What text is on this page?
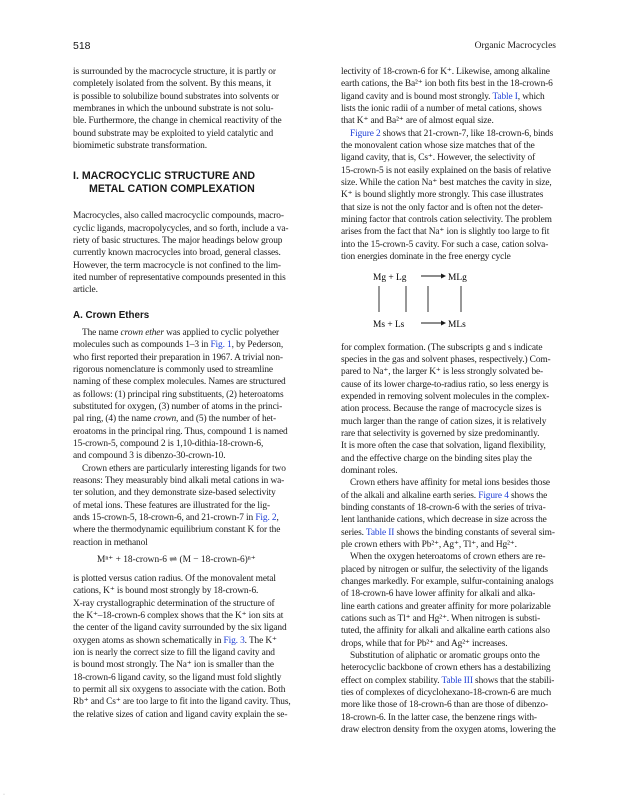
518	Organic Macrocycles
is surrounded by the macrocycle structure, it is partly or
completely isolated from the solvent. By this means, it
is possible to solubilize bound substrates into solvents or
membranes in which the unbound substrate is not solu-
ble. Furthermore, the change in chemical reactivity of the
bound substrate may be exploited to yield catalytic and
biomimetic substrate transformation.
I. MACROCYCLIC STRUCTURE AND
METAL CATION COMPLEXATION
Macrocycles, also called macrocyclic compounds, macro-
cyclic ligands, macropolycycles, and so forth, include a va-
riety of basic structures. The major headings below group
currently known macrocycles into broad, general classes.
However, the term macrocycle is not confined to the lim-
ited number of representative compounds presented in this
article.
A. Crown Ethers
The name crown ether was applied to cyclic polyether
molecules such as compounds 1–3 in Fig. 1, by Pederson,
who first reported their preparation in 1967. A trivial non-
rigorous nomenclature is commonly used to streamline
naming of these complex molecules. Names are structured
as follows: (1) principal ring substituents, (2) heteroatoms
substituted for oxygen, (3) number of atoms in the princi-
pal ring, (4) the name crown, and (5) the number of het-
eroatoms in the principal ring. Thus, compound 1 is named
15-crown-5, compound 2 is 1,10-dithia-18-crown-6,
and compound 3 is dibenzo-30-crown-10.
Crown ethers are particularly interesting ligands for two
reasons: They measurably bind alkali metal cations in wa-
ter solution, and they demonstrate size-based selectivity
of metal ions. These features are illustrated for the lig-
ands 15-crown-5, 18-crown-6, and 21-crown-7 in Fig. 2,
where the thermodynamic equilibrium constant K for the
reaction in methanol
Mⁿ⁺ + 18-crown-6 ⇌ (M − 18-crown-6)ⁿ⁺
is plotted versus cation radius. Of the monovalent metal
cations, K⁺ is bound most strongly by 18-crown-6.
X-ray crystallographic determination of the structure of
the K⁺–18-crown-6 complex shows that the K⁺ ion sits at
the center of the ligand cavity surrounded by the six ligand
oxygen atoms as shown schematically in Fig. 3. The K⁺
ion is nearly the correct size to fill the ligand cavity and
is bound most strongly. The Na⁺ ion is smaller than the
18-crown-6 ligand cavity, so the ligand must fold slightly
to permit all six oxygens to associate with the cation. Both
Rb⁺ and Cs⁺ are too large to fit into the ligand cavity. Thus,
the relative sizes of cation and ligand cavity explain the se-
lectivity of 18-crown-6 for K⁺. Likewise, among alkaline
earth cations, the Ba²⁺ ion both fits best in the 18-crown-6
ligand cavity and is bound most strongly. Table I, which
lists the ionic radii of a number of metal cations, shows
that K⁺ and Ba²⁺ are of almost equal size.
Figure 2 shows that 21-crown-7, like 18-crown-6, binds
the monovalent cation whose size matches that of the
ligand cavity, that is, Cs⁺. However, the selectivity of
15-crown-5 is not easily explained on the basis of relative
size. While the cation Na⁺ best matches the cavity in size,
K⁺ is bound slightly more strongly. This case illustrates
that size is not the only factor and is often not the deter-
mining factor that controls cation selectivity. The problem
arises from the fact that Na⁺ ion is slightly too large to fit
into the 15-crown-5 cavity. For such a case, cation solva-
tion energies dominate in the free energy cycle
Mg + Lg	MLg
Ms + Ls	MLs
for complex formation. (The subscripts g and s indicate
species in the gas and solvent phases, respectively.) Com-
pared to Na⁺, the larger K⁺ is less strongly solvated be-
cause of its lower charge-to-radius ratio, so less energy is
expended in removing solvent molecules in the complex-
ation process. Because the range of macrocycle sizes is
much larger than the range of cation sizes, it is relatively
rare that selectivity is governed by size predominantly.
It is more often the case that solvation, ligand flexibility,
and the effective charge on the binding sites play the
dominant roles.
Crown ethers have affinity for metal ions besides those
of the alkali and alkaline earth series. Figure 4 shows the
binding constants of 18-crown-6 with the series of triva-
lent lanthanide cations, which decrease in size across the
series. Table II shows the binding constants of several sim-
ple crown ethers with Pb²⁺, Ag⁺, Tl⁺, and Hg²⁺.
When the oxygen heteroatoms of crown ethers are re-
placed by nitrogen or sulfur, the selectivity of the ligands
changes markedly. For example, sulfur-containing analogs
of 18-crown-6 have lower affinity for alkali and alka-
line earth cations and greater affinity for more polarizable
cations such as Tl⁺ and Hg²⁺. When nitrogen is substi-
tuted, the affinity for alkali and alkaline earth cations also
drops, while that for Pb²⁺ and Ag²⁺ increases.
Substitution of aliphatic or aromatic groups onto the
heterocyclic backbone of crown ethers has a destabilizing
effect on complex stability. Table III shows that the stabili-
ties of complexes of dicyclohexano-18-crown-6 are much
more like those of 18-crown-6 than are those of dibenzo-
18-crown-6. In the latter case, the benzene rings with-
draw electron density from the oxygen atoms, lowering the
·
